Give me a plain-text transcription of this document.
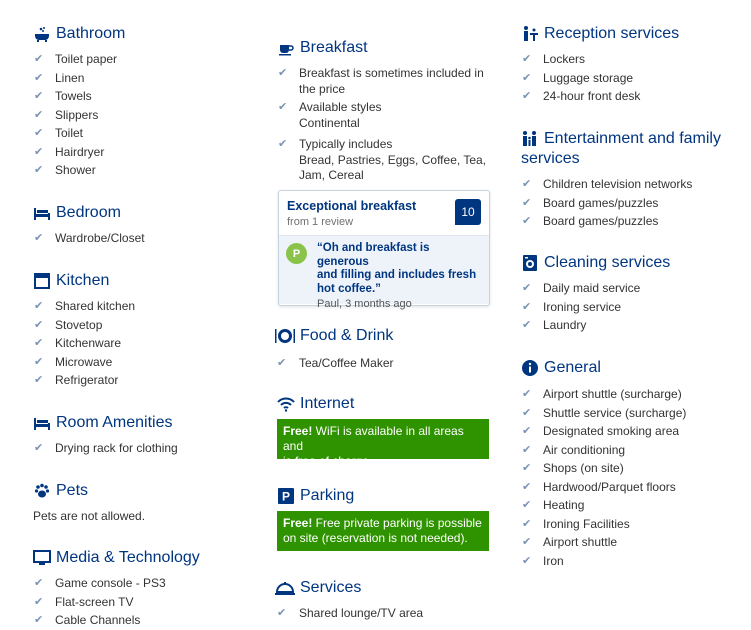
Bathroom
✔ Toilet paper
✔ Linen
✔ Towels
✔ Slippers
✔ Toilet
✔ Hairdryer
✔ Shower
Bedroom
✔ Wardrobe/Closet
Kitchen
✔ Shared kitchen
✔ Stovetop
✔ Kitchenware
✔ Microwave
✔ Refrigerator
Room Amenities
✔ Drying rack for clothing
Pets
Pets are not allowed.
Media & Technology
✔ Game console - PS3
✔ Flat-screen TV
✔ Cable Channels
Breakfast
✔ Breakfast is sometimes included in
the price
✔ Available styles
Continental
✔ Typically includes
Bread, Pastries, Eggs, Coffee, Tea,
Jam, Cereal
Exceptional breakfast
from 1 review
10
P	“Oh and breakfast is generous
and filling and includes fresh
hot coffee.”
Paul, 3 months ago
Food & Drink
✔ Tea/Coffee Maker
Internet
Free! WiFi is available in all areas and
is free of charge.
P Parking
Free! Free private parking is possible
on site (reservation is not needed).
Services
✔ Shared lounge/TV area
Reception services
✔ Lockers
✔ Luggage storage
✔ 24-hour front desk
Entertainment and family
services
✔ Children television networks
✔ Board games/puzzles
✔ Board games/puzzles
Cleaning services
✔ Daily maid service
✔ Ironing service
✔ Laundry
General
✔ Airport shuttle (surcharge)
✔ Shuttle service (surcharge)
✔ Designated smoking area
✔ Air conditioning
✔ Shops (on site)
✔ Hardwood/Parquet floors
✔ Heating
✔ Ironing Facilities
✔ Airport shuttle
✔ Iron
